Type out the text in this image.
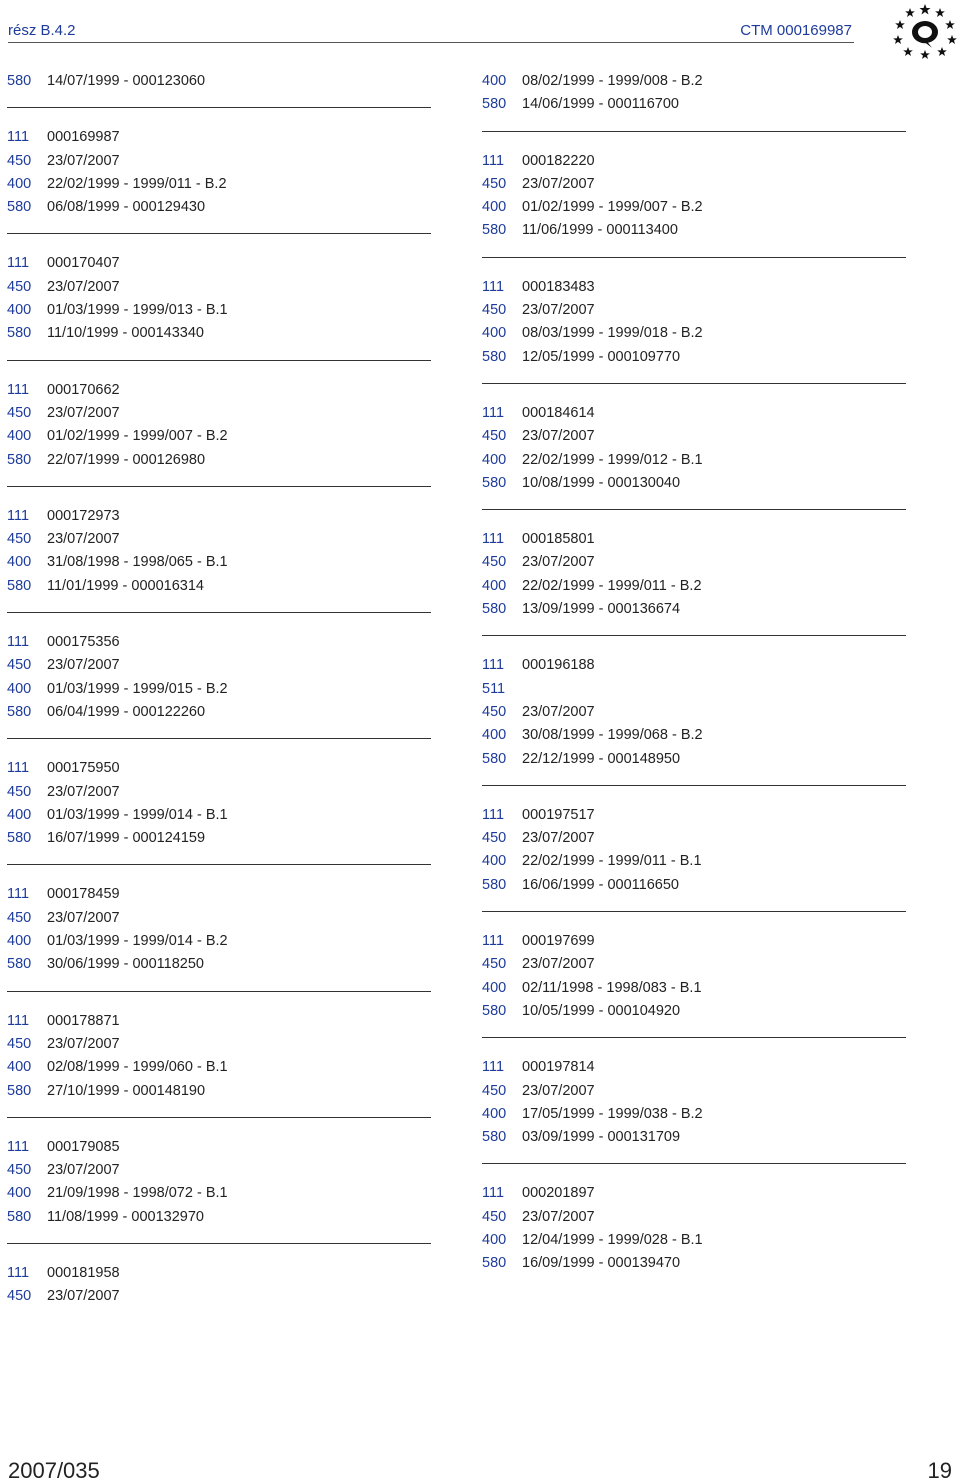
rész B.4.2	CTM 000169987
580 14/07/1999 - 000123060
111 000169987
450 23/07/2007
400 22/02/1999 - 1999/011 - B.2
580 06/08/1999 - 000129430
111 000170407
450 23/07/2007
400 01/03/1999 - 1999/013 - B.1
580 11/10/1999 - 000143340
111 000170662
450 23/07/2007
400 01/02/1999 - 1999/007 - B.2
580 22/07/1999 - 000126980
111 000172973
450 23/07/2007
400 31/08/1998 - 1998/065 - B.1
580 11/01/1999 - 000016314
111 000175356
450 23/07/2007
400 01/03/1999 - 1999/015 - B.2
580 06/04/1999 - 000122260
111 000175950
450 23/07/2007
400 01/03/1999 - 1999/014 - B.1
580 16/07/1999 - 000124159
111 000178459
450 23/07/2007
400 01/03/1999 - 1999/014 - B.2
580 30/06/1999 - 000118250
111 000178871
450 23/07/2007
400 02/08/1999 - 1999/060 - B.1
580 27/10/1999 - 000148190
111 000179085
450 23/07/2007
400 21/09/1998 - 1998/072 - B.1
580 11/08/1999 - 000132970
111 000181958
450 23/07/2007
400 08/02/1999 - 1999/008 - B.2
580 14/06/1999 - 000116700
111 000182220
450 23/07/2007
400 01/02/1999 - 1999/007 - B.2
580 11/06/1999 - 000113400
111 000183483
450 23/07/2007
400 08/03/1999 - 1999/018 - B.2
580 12/05/1999 - 000109770
111 000184614
450 23/07/2007
400 22/02/1999 - 1999/012 - B.1
580 10/08/1999 - 000130040
111 000185801
450 23/07/2007
400 22/02/1999 - 1999/011 - B.2
580 13/09/1999 - 000136674
111 000196188
511
450 23/07/2007
400 30/08/1999 - 1999/068 - B.2
580 22/12/1999 - 000148950
111 000197517
450 23/07/2007
400 22/02/1999 - 1999/011 - B.1
580 16/06/1999 - 000116650
111 000197699
450 23/07/2007
400 02/11/1998 - 1998/083 - B.1
580 10/05/1999 - 000104920
111 000197814
450 23/07/2007
400 17/05/1999 - 1999/038 - B.2
580 03/09/1999 - 000131709
111 000201897
450 23/07/2007
400 12/04/1999 - 1999/028 - B.1
580 16/09/1999 - 000139470
2007/035	19
